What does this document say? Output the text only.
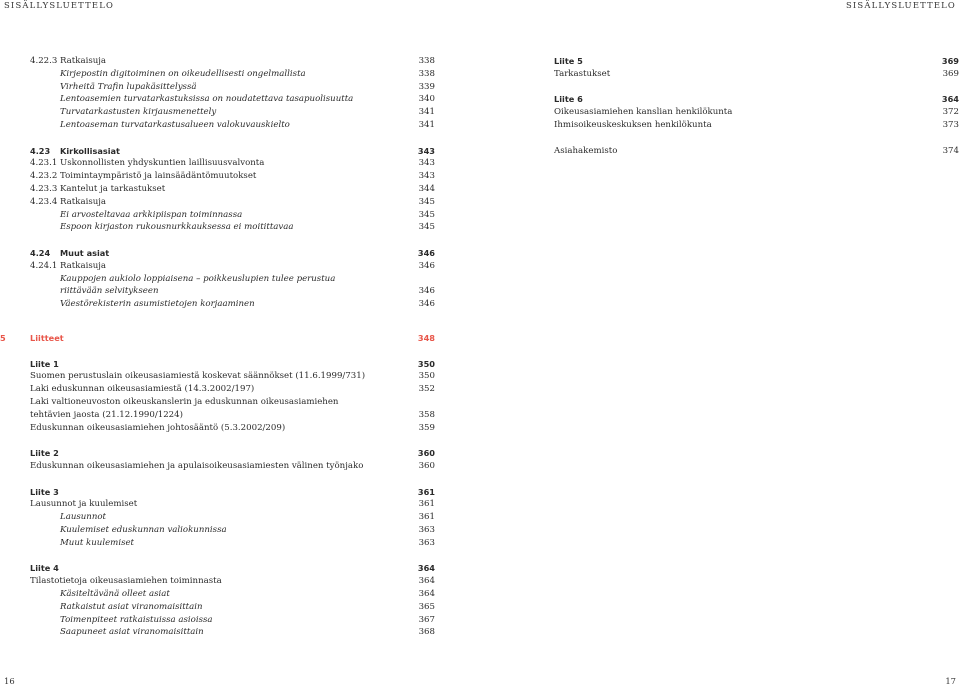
SISÄLLYSLUETTELO	SISÄLLYSLUETTELO
4.22.3 Ratkaisuja	338
Kirjepostin digitoiminen on oikeudellisesti ongelmallista	338
Virheitä Trafin lupakäsittelyssä	339
Lentoasemien turvatarkastuksissa on noudatettava tasapuolisuutta	340
Turvatarkastusten kirjausmenettely	341
Lentoaseman turvatarkastusalueen valokuvauskielto	341
4.23 Kirkollisasiat	343
4.23.1 Uskonnollisten yhdyskuntien laillisuusvalvonta	343
4.23.2 Toimintaympäristö ja lainsäädäntömuutokset	343
4.23.3 Kantelut ja tarkastukset	344
4.23.4 Ratkaisuja	345
Ei arvosteltavaa arkkipiispan toiminnassa	345
Espoon kirjaston rukousnurkkauksessa ei moitittavaa	345
4.24 Muut asiat	346
4.24.1 Ratkaisuja	346
Kauppojen aukiolo loppiaisena – poikkeuslupien tulee perustua
riittävään selvitykseen	346
Väestörekisterin asumistietojen korjaaminen	346
5	Liitteet	348
Liite 1	350
Suomen perustuslain oikeusasiamiestä koskevat säännökset (11.6.1999/731)	350
Laki eduskunnan oikeusasiamiestä (14.3.2002/197)	352
Laki valtioneuvoston oikeuskanslerin ja eduskunnan oikeusasiamiehen
tehtävien jaosta (21.12.1990/1224)	358
Eduskunnan oikeusasiamiehen johtosääntö (5.3.2002/209)	359
Liite 2	360
Eduskunnan oikeusasiamiehen ja apulaisoikeusasiamiesten välinen työnjako	360
Liite 3	361
Lausunnot ja kuulemiset	361
Lausunnot	361
Kuulemiset eduskunnan valiokunnissa	363
Muut kuulemiset	363
Liite 4	364
Tilastotietoja oikeusasiamiehen toiminnasta	364
Käsiteltävänä olleet asiat	364
Ratkaistut asiat viranomaisittain	365
Toimenpiteet ratkaistuissa asioissa	367
Saapuneet asiat viranomaisittain	368
Liite 5	369
Tarkastukset	369
Liite 6	364
Oikeusasiamiehen kanslian henkilökunta	372
Ihmisoikeuskeskuksen henkilökunta	373
Asiahakemisto	374
16	17
